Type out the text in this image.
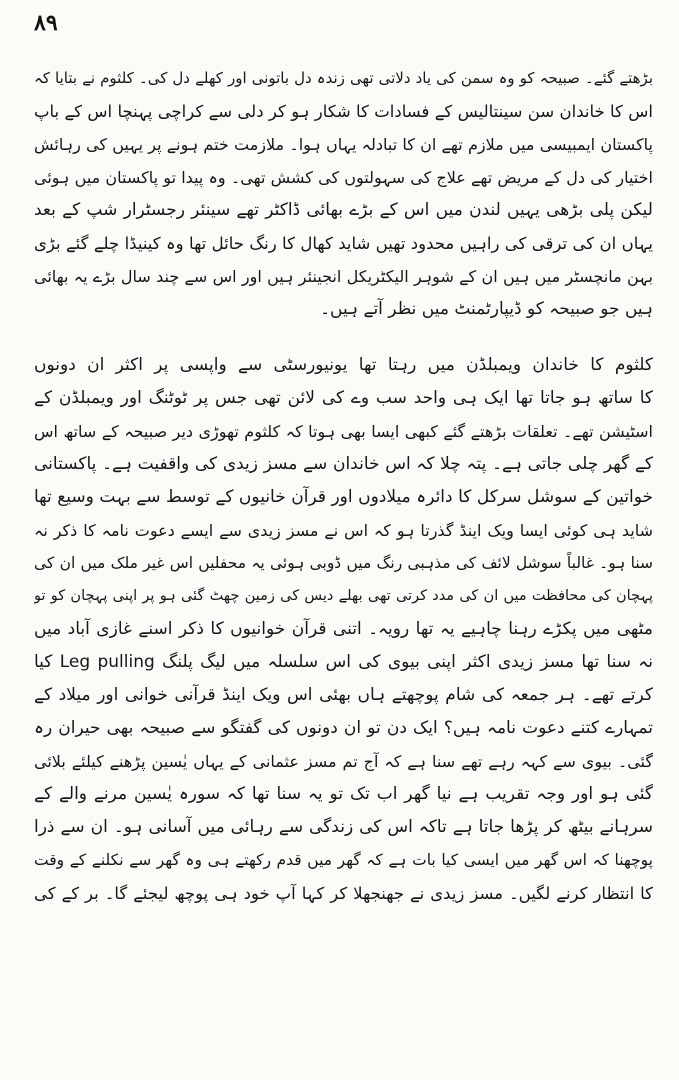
۸۹
بڑھتے گئے۔ صبیحہ کو وہ سمن کی یاد دلاتی تھی زندہ دل باتونی اور کھلے دل کی۔ کلثوم نے بتایا کہ
اس کا خاندان سن سینتالیس کے فسادات کا شکار ہو کر دلی سے کراچی پہنچا اس کے باپ
پاکستان ایمبیسی میں ملازم تھے ان کا تبادلہ یہاں ہوا۔ ملازمت ختم ہونے پر یہیں کی رہائش
اختیار کی دل کے مریض تھے علاج کی سہولتوں کی کشش تھی۔ وہ پیدا تو پاکستان میں ہوئی
لیکن پلی بڑھی یہیں لندن میں اس کے بڑے بھائی ڈاکٹر تھے سینئر رجسٹرار شپ کے بعد
یہاں ان کی ترقی کی راہیں محدود تھیں شاید کھال کا رنگ حائل تھا وہ کینیڈا چلے گئے بڑی
بہن مانچسٹر میں ہیں ان کے شوہر الیکٹریکل انجینئر ہیں اور اس سے چند سال بڑے یہ بھائی
ہیں جو صبیحہ کو ڈیپارٹمنٹ میں نظر آتے ہیں۔
کلثوم کا خاندان ویمبلڈن میں رہتا تھا یونیورسٹی سے واپسی پر اکثر ان دونوں
کا ساتھ ہو جاتا تھا ایک ہی واحد سب وے کی لائن تھی جس پر ٹوٹنگ اور ویمبلڈن کے
اسٹیشن تھے۔ تعلقات بڑھتے گئے کبھی ایسا بھی ہوتا کہ کلثوم تھوڑی دیر صبیحہ کے ساتھ اس
کے گھر چلی جاتی ہے۔ پتہ چلا کہ اس خاندان سے مسز زیدی کی واقفیت ہے۔ پاکستانی
خواتین کے سوشل سرکل کا دائرہ میلادوں اور قرآن خانیوں کے توسط سے بہت وسیع تھا
شاید ہی کوئی ایسا ویک اینڈ گذرتا ہو کہ اس نے مسز زیدی سے ایسے دعوت نامہ کا ذکر نہ
سنا ہو۔ غالباً سوشل لائف کی مذہبی رنگ میں ڈوبی ہوئی یہ محفلیں اس غیر ملک میں ان کی
پہچان کی محافظت میں ان کی مدد کرتی تھی بھلے دیس کی زمین چھٹ گئی ہو پر اپنی پہچان کو تو
مٹھی میں پکڑے رہنا چاہیے یہ تھا رویہ۔ اتنی قرآن خوانیوں کا ذکر اسنے غازی آباد میں
نہ سنا تھا مسز زیدی اکثر اپنی بیوی کی اس سلسلہ میں لیگ پلنگ Leg pulling کیا
کرتے تھے۔ ہر جمعہ کی شام پوچھتے ہاں بھئی اس ویک اینڈ قرآنی خوانی اور میلاد کے
تمہارے کتنے دعوت نامہ ہیں؟ ایک دن تو ان دونوں کی گفتگو سے صبیحہ بھی حیران رہ
گئی۔ بیوی سے کہہ رہے تھے سنا ہے کہ آج تم مسز عثمانی کے یہاں یٰسین پڑھنے کیلئے بلائی
گئی ہو اور وجہ تقریب ہے نیا گھر اب تک تو یہ سنا تھا کہ سورہ یٰسین مرنے والے کے
سرہانے بیٹھ کر پڑھا جاتا ہے تاکہ اس کی زندگی سے رہائی میں آسانی ہو۔ ان سے ذرا
پوچھنا کہ اس گھر میں ایسی کیا بات ہے کہ گھر میں قدم رکھتے ہی وہ گھر سے نکلنے کے وقت
کا انتظار کرنے لگیں۔ مسز زیدی نے جھنجھلا کر کہا آپ خود ہی پوچھ لیجئے گا۔ بر کے کی
